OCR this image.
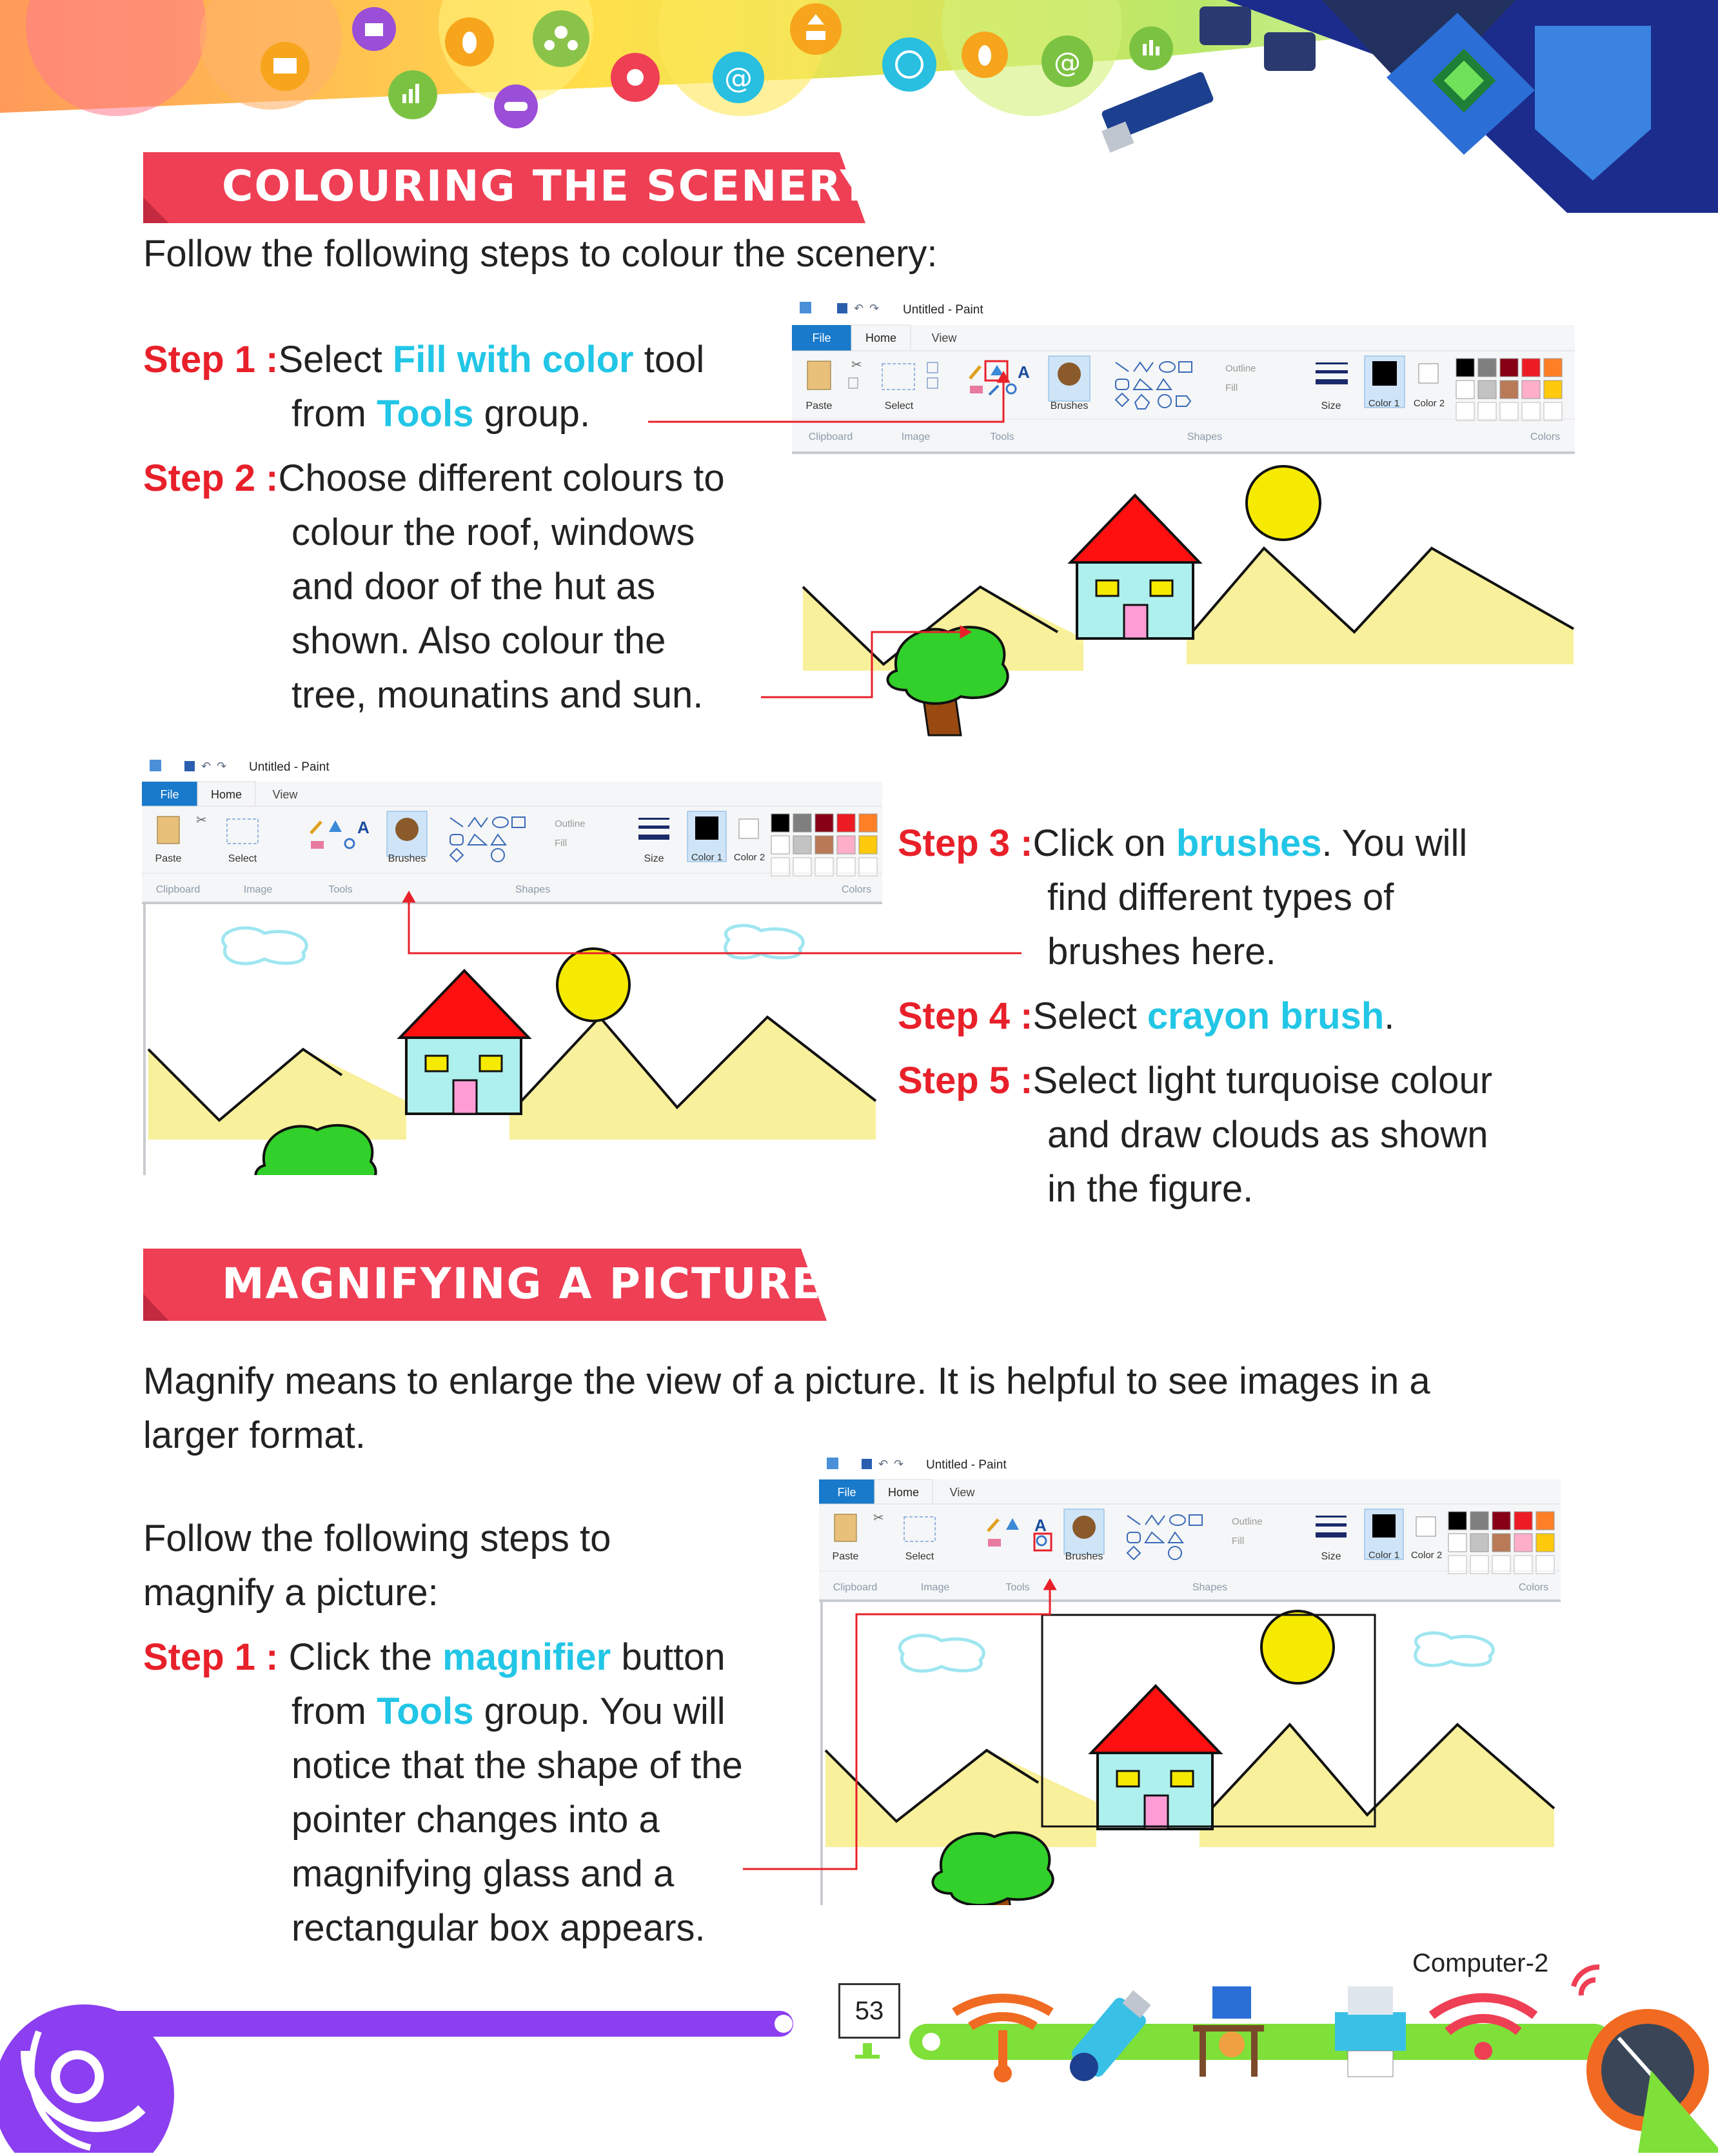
@	@
COLOURING THE SCENERY
Follow the following steps to colour the scenery:
Step 1 :Select Fill with color tool
from Tools group.
Step 2 :Choose different colours to
colour the roof, windows
and door of the hut as
shown. Also colour the
tree, mounatins and sun.
Step 3 :Click on brushes. You will
find different types of
brushes here.
Step 4 :Select crayon brush.
Step 5 :Select light turquoise colour
and draw clouds as shown
in the figure.
MAGNIFYING A PICTURE
Magnify means to enlarge the view of a picture. It is helpful to see images in a
larger format.
Follow the following steps to
magnify a picture:
Step 1 : Click the magnifier button
from Tools group. You will
notice that the shape of the
pointer changes into a
magnifying glass and a
rectangular box appears.
↶ ↷ Untitled - Paint
File	Home	View
Paste
✂
Select
A
Brushes
Outline
Fill
Size	Color 1 Color 2
Clipboard	Image	Tools	Shapes	Colors
↶ ↷ Untitled - Paint
File	Home	View
Paste
✂
Select
A
Brushes
Outline
Fill
Size	Color 1 Color 2
Clipboard	Image	Tools	Shapes	Colors
↶ ↷ Untitled - Paint
File	Home	View
Paste
✂
Select
A
Brushes
Outline
Fill
Size	Color 1 Color 2
Clipboard	Image	Tools	Shapes	Colors
53
Computer-2
